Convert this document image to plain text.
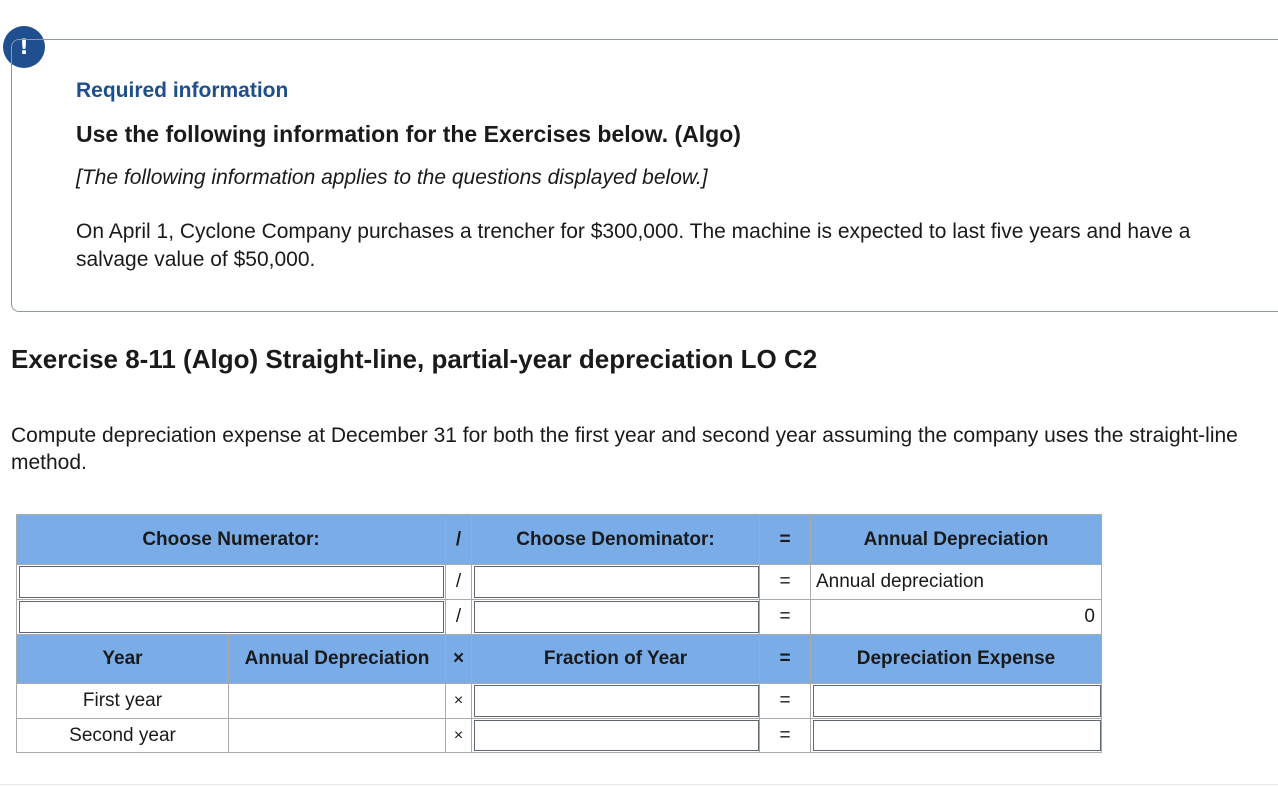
!
Required information
Use the following information for the Exercises below. (Algo)

[The following information applies to the questions displayed below.]

On April 1, Cyclone Company purchases a trencher for $300,000. The machine is expected to last five years and have a salvage value of $50,000.

Exercise 8-11 (Algo) Straight-line, partial-year depreciation LO C2

Compute depreciation expense at December 31 for both the first year and second year assuming the company uses the straight-line method.

Choose Numerator:	/	Choose Denominator:	=	Annual Depreciation
/	=	Annual depreciation
/	=	0
Year	Annual Depreciation	×	Fraction of Year	=	Depreciation Expense
First year	×	=
Second year	×	=
